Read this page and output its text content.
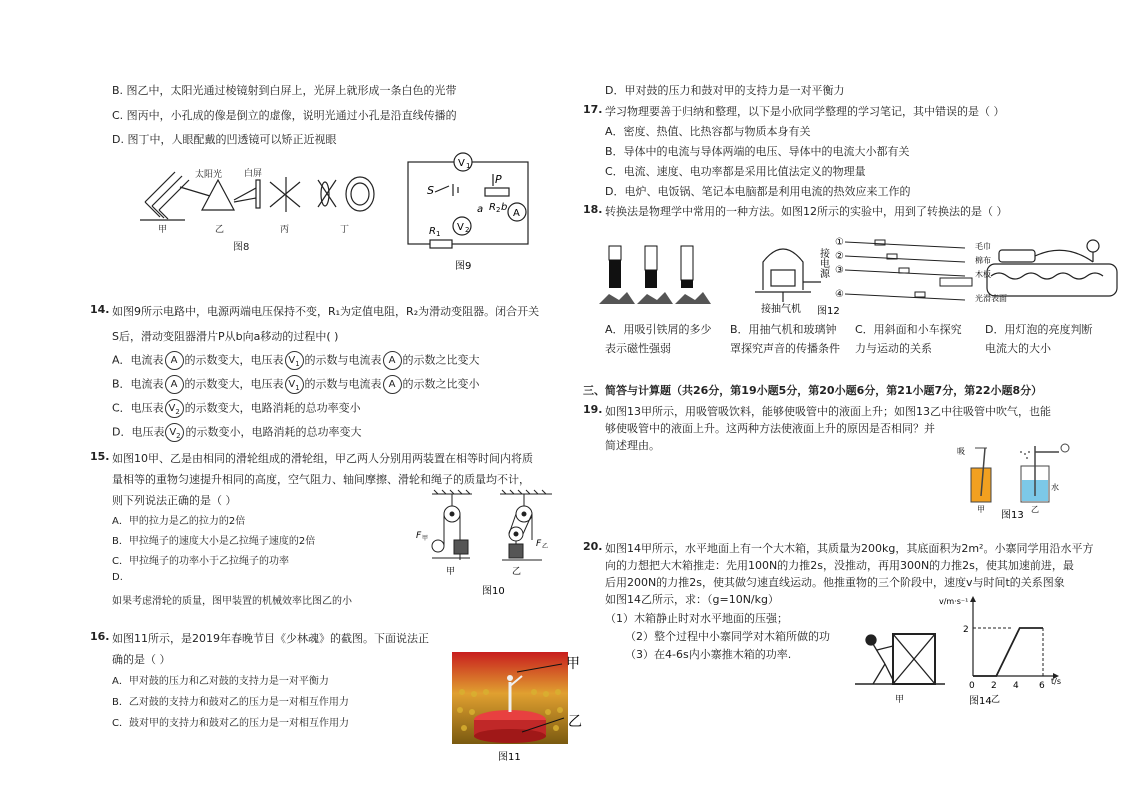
B. 图乙中，太阳光通过棱镜射到白屏上，光屏上就形成一条白色的光带
C. 图丙中，小孔成的像是倒立的虚像，说明光通过小孔是沿直线传播的
D. 图丁中，人眼配戴的凹透镜可以矫正近视眼
太阳光 白屏
甲	乙	丙	丁
图8
V 1
A
V 2
S
P
a R 2 b
R 1
图9
14. 如图9所示电路中，电源两端电压保持不变，R₁为定值电阻，R₂为滑动变阻器。闭合开关
S后，滑动变阻器滑片P从b向a移动的过程中( )
A．电流表 A 的示数变大，电压表 $V_1$ 的示数与电流表 A 的示数之比变大
B．电流表 A 的示数变大，电压表 $V_1$ 的示数与电流表 A 的示数之比变小
C．电压表 $V_2$ 的示数变大，电路消耗的总功率变小
D．电压表 $V_2$ 的示数变小，电路消耗的总功率变大
15. 如图10甲、乙是由相同的滑轮组成的滑轮组，甲乙两人分别用两装置在相等时间内将质
量相等的重物匀速提升相同的高度，空气阻力、轴间摩擦、滑轮和绳子的质量均不计，
则下列说法正确的是（ ）
A．甲的拉力是乙的拉力的2倍
B．甲拉绳子的速度大小是乙拉绳子速度的2倍
C．甲拉绳子的功率小于乙拉绳子的功率
D.
如果考虑滑轮的质量，图甲装置的机械效率比图乙的小
F 甲
F 乙
甲	乙
图10
16. 如图11所示，是2019年春晚节目《少林魂》的截图。下面说法正
确的是（ ）
A．甲对鼓的压力和乙对鼓的支持力是一对平衡力
B．乙对鼓的支持力和鼓对乙的压力是一对相互作用力
C．鼓对甲的支持力和鼓对乙的压力是一对相互作用力
甲
乙
图11
D．甲对鼓的压力和鼓对甲的支持力是一对平衡力
17. 学习物理要善于归纳和整理，以下是小欣同学整理的学习笔记，其中错误的是（ ）
A．密度、热值、比热容都与物质本身有关
B．导体中的电流与导体两端的电压、导体中的电流大小都有关
C．电流、速度、电功率都是采用比值法定义的物理量
D．电炉、电饭锅、笔记本电脑都是利用电流的热效应来工作的
18. 转换法是物理学中常用的一种方法。如图12所示的实验中，用到了转换法的是（ ）
接电源
接抽气机
①
②
③
④
毛巾
棉布
木板
光滑表面
图12
A．用吸引铁屑的多少表示磁性强弱
B．用抽气机和玻璃钟罩探究声音的传播条件
C．用斜面和小车探究力与运动的关系
D．用灯泡的亮度判断电流大的大小
三、简答与计算题（共26分，第19小题5分，第20小题6分，第21小题7分，第22小题8分）
19. 如图13甲所示，用吸管吸饮料，能够使吸管中的液面上升；如图13乙中往吸管中吹气，也能
够使吸管中的液面上升。这两种方法使液面上升的原因是否相同？并
简述理由。	吸
水
甲	乙
图13
20. 如图14甲所示，水平地面上有一个大木箱，其质量为200kg，其底面积为2m²。小寨同学用沿水平方
向的力想把大木箱推走：先用100N的力推2s，没推动，再用300N的力推2s，使其加速前进，最
后用200N的力推2s，使其做匀速直线运动。他推重物的三个阶段中，速度v与时间t的关系图象
如图14乙所示，求：（g=10N/kg）
（1）木箱静止时对水平地面的压强；
（2）整个过程中小寨同学对木箱所做的功
（3）在4-6s内小寨推木箱的功率.
甲
v/m·s⁻¹
t/s
2
0 2 4 6
乙
图14
